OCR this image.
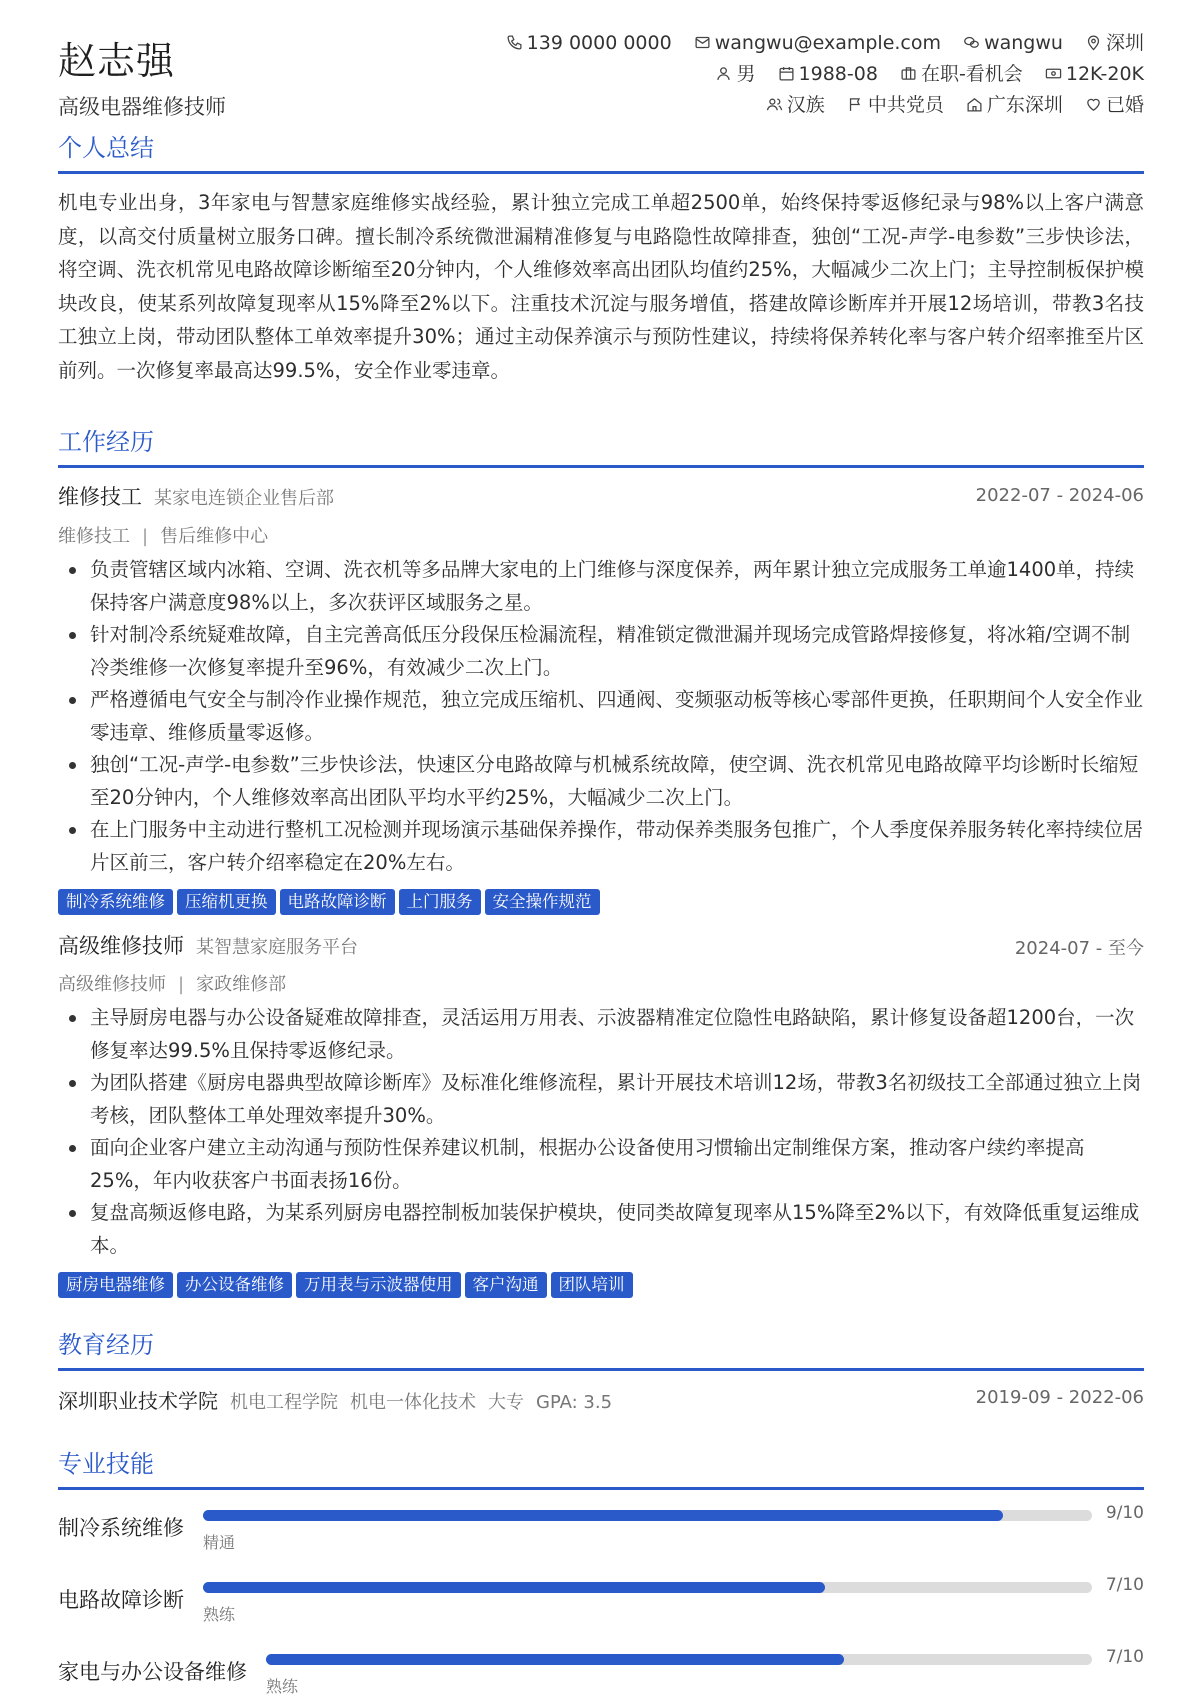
赵志强
高级电器维修技师
139 0000 0000 wangwu@example.com wangwu 深圳
男 1988-08 在职-看机会 12K-20K
汉族 中共党员 广东深圳 已婚
个人总结
机电专业出身，3年家电与智慧家庭维修实战经验，累计独立完成工单超2500单，始终保持零返修纪录与98%以上客户满意度，以高交付质量树立服务口碑。擅长制冷系统微泄漏精准修复与电路隐性故障排查，独创“工况-声学-电参数”三步快诊法，将空调、洗衣机常见电路故障诊断缩至20分钟内，个人维修效率高出团队均值约25%，大幅减少二次上门；主导控制板保护模块改良，使某系列故障复现率从15%降至2%以下。注重技术沉淀与服务增值，搭建故障诊断库并开展12场培训，带教3名技工独立上岗，带动团队整体工单效率提升30%；通过主动保养演示与预防性建议，持续将保养转化率与客户转介绍率推至片区前列。一次修复率最高达99.5%，安全作业零违章。
工作经历
维修技工 某家电连锁企业售后部	2022-07 - 2024-06
维修技工 | 售后维修中心
负责管辖区域内冰箱、空调、洗衣机等多品牌大家电的上门维修与深度保养，两年累计独立完成服务工单逾1400单，持续保持客户满意度98%以上，多次获评区域服务之星。
针对制冷系统疑难故障，自主完善高低压分段保压检漏流程，精准锁定微泄漏并现场完成管路焊接修复，将冰箱/空调不制冷类维修一次修复率提升至96%，有效减少二次上门。
严格遵循电气安全与制冷作业操作规范，独立完成压缩机、四通阀、变频驱动板等核心零部件更换，任职期间个人安全作业零违章、维修质量零返修。
独创“工况-声学-电参数”三步快诊法，快速区分电路故障与机械系统故障，使空调、洗衣机常见电路故障平均诊断时长缩短至20分钟内，个人维修效率高出团队平均水平约25%，大幅减少二次上门。
在上门服务中主动进行整机工况检测并现场演示基础保养操作，带动保养类服务包推广，个人季度保养服务转化率持续位居片区前三，客户转介绍率稳定在20%左右。
制冷系统维修 压缩机更换 电路故障诊断 上门服务 安全操作规范
高级维修技师 某智慧家庭服务平台	2024-07 - 至今
高级维修技师 | 家政维修部
主导厨房电器与办公设备疑难故障排查，灵活运用万用表、示波器精准定位隐性电路缺陷，累计修复设备超1200台，一次修复率达99.5%且保持零返修纪录。
为团队搭建《厨房电器典型故障诊断库》及标准化维修流程，累计开展技术培训12场，带教3名初级技工全部通过独立上岗考核，团队整体工单处理效率提升30%。
面向企业客户建立主动沟通与预防性保养建议机制，根据办公设备使用习惯输出定制维保方案，推动客户续约率提高25%，年内收获客户书面表扬16份。
复盘高频返修电路，为某系列厨房电器控制板加装保护模块，使同类故障复现率从15%降至2%以下，有效降低重复运维成本。
厨房电器维修 办公设备维修 万用表与示波器使用 客户沟通 团队培训
教育经历
深圳职业技术学院 机电工程学院 机电一体化技术 大专 GPA: 3.5	2019-09 - 2022-06
专业技能
制冷系统维修
9/10
精通
电路故障诊断
7/10
熟练
家电与办公设备维修
7/10
熟练
